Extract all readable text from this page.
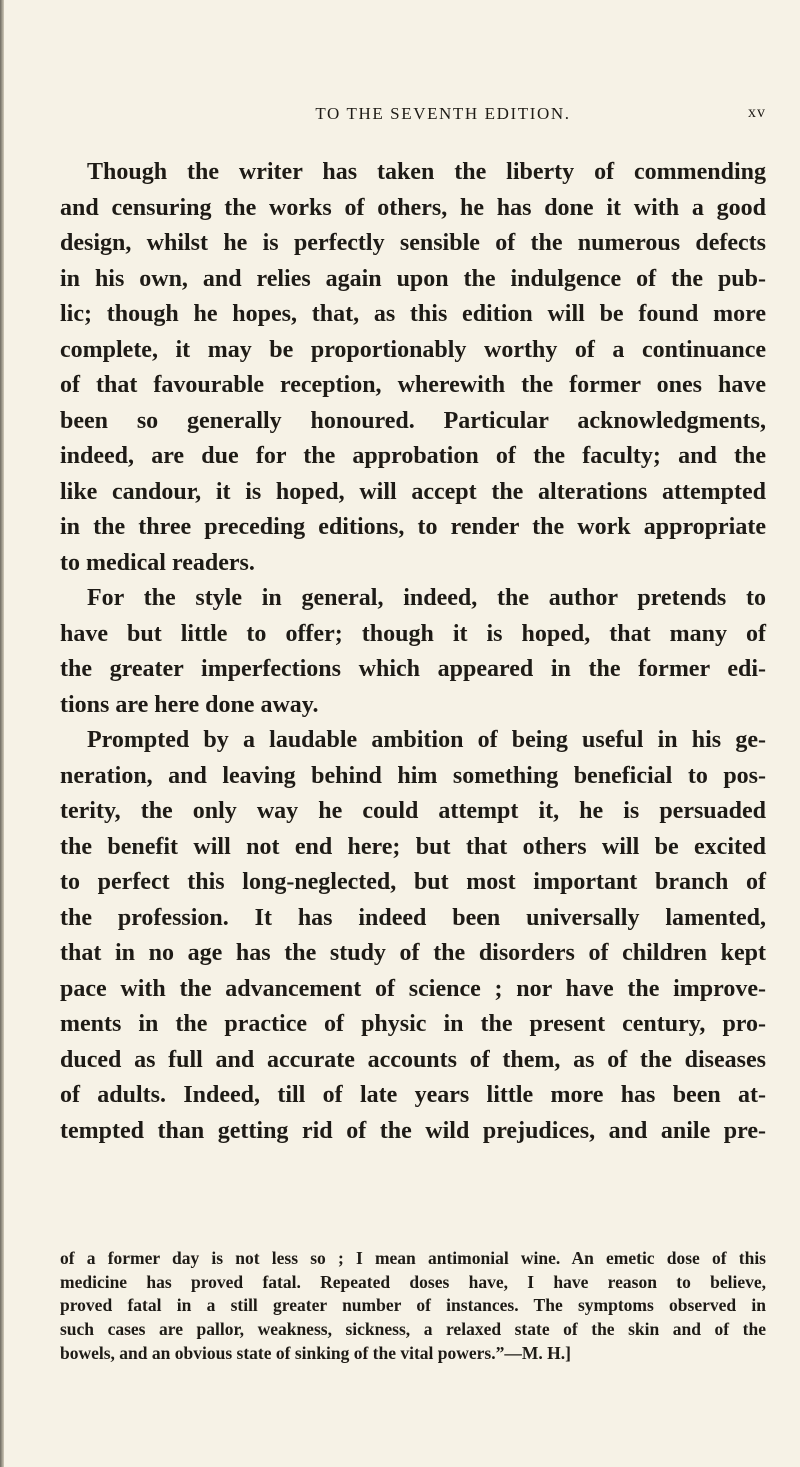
TO THE SEVENTH EDITION.	xv
Though the writer has taken the liberty of commending
and censuring the works of others, he has done it with a good
design, whilst he is perfectly sensible of the numerous defects
in his own, and relies again upon the indulgence of the pub-
lic; though he hopes, that, as this edition will be found more
complete, it may be proportionably worthy of a continuance
of that favourable reception, wherewith the former ones have
been so generally honoured. Particular acknowledgments,
indeed, are due for the approbation of the faculty; and the
like candour, it is hoped, will accept the alterations attempted
in the three preceding editions, to render the work appropriate
to medical readers.
For the style in general, indeed, the author pretends to
have but little to offer; though it is hoped, that many of
the greater imperfections which appeared in the former edi-
tions are here done away.
Prompted by a laudable ambition of being useful in his ge-
neration, and leaving behind him something beneficial to pos-
terity, the only way he could attempt it, he is persuaded
the benefit will not end here; but that others will be excited
to perfect this long-neglected, but most important branch of
the profession. It has indeed been universally lamented,
that in no age has the study of the disorders of children kept
pace with the advancement of science ; nor have the improve-
ments in the practice of physic in the present century, pro-
duced as full and accurate accounts of them, as of the diseases
of adults. Indeed, till of late years little more has been at-
tempted than getting rid of the wild prejudices, and anile pre-
of a former day is not less so ; I mean antimonial wine. An emetic dose of this
medicine has proved fatal. Repeated doses have, I have reason to believe,
proved fatal in a still greater number of instances. The symptoms observed in
such cases are pallor, weakness, sickness, a relaxed state of the skin and of the
bowels, and an obvious state of sinking of the vital powers.”—M. H.]
